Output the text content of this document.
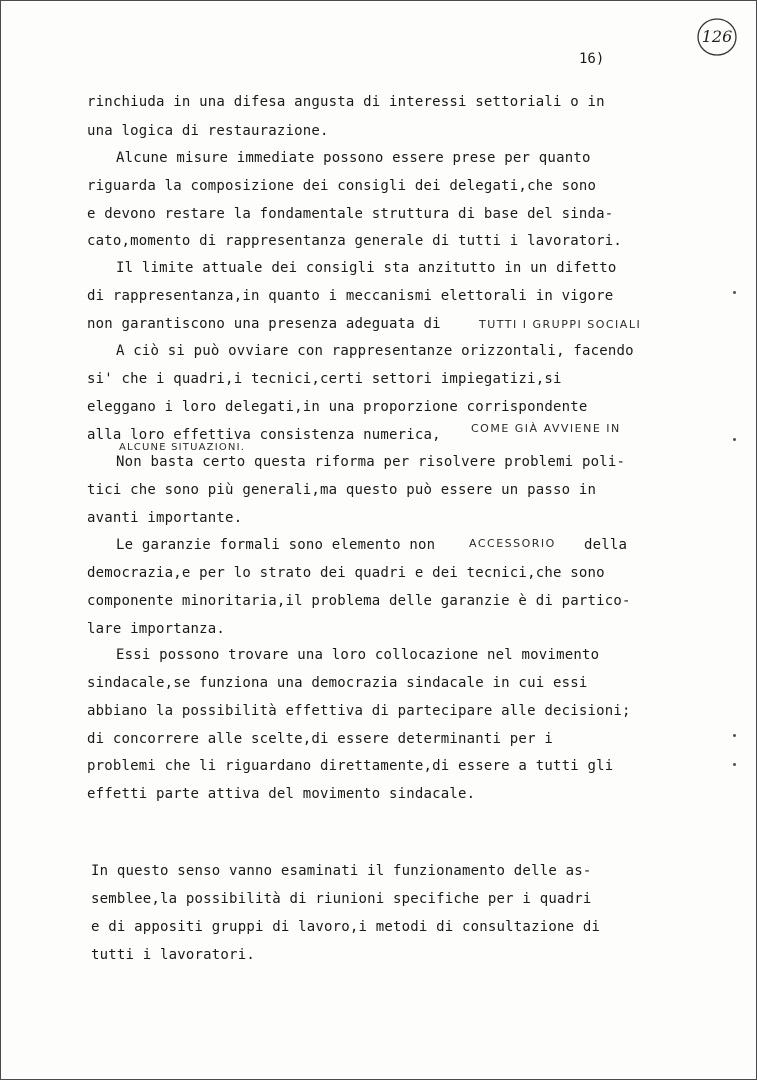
126
16)
rinchiuda in una difesa angusta di interessi settoriali o in
una logica di restaurazione.
Alcune misure immediate possono essere prese per quanto
riguarda la composizione dei consigli dei delegati,che sono
e devono restare la fondamentale struttura di base del sinda-
cato,momento di rappresentanza generale di tutti i lavoratori.
Il limite attuale dei consigli sta anzitutto in un difetto
di rappresentanza,in quanto i meccanismi elettorali in vigore
non garantiscono una presenza adeguata di	TUTTI I GRUPPI SOCIALI
A ciò si può ovviare con rappresentanze orizzontali, facendo
si' che i quadri,i tecnici,certi settori impiegatizi,si
eleggano i loro delegati,in una proporzione corrispondente
alla loro effettiva consistenza numerica,	COME GIÀ AVVIENE IN
ALCUNE SITUAZIONI.
Non basta certo questa riforma per risolvere problemi poli-
tici che sono più generali,ma questo può essere un passo in
avanti importante.
Le garanzie formali sono elemento non	ACCESSORIO della
democrazia,e per lo strato dei quadri e dei tecnici,che sono
componente minoritaria,il problema delle garanzie è di partico-
lare importanza.
Essi possono trovare una loro collocazione nel movimento
sindacale,se funziona una democrazia sindacale in cui essi
abbiano la possibilità effettiva di partecipare alle decisioni;
di concorrere alle scelte,di essere determinanti per i
problemi che li riguardano direttamente,di essere a tutti gli
effetti parte attiva del movimento sindacale.
In questo senso vanno esaminati il funzionamento delle as-
semblee,la possibilità di riunioni specifiche per i quadri
e di appositi gruppi di lavoro,i metodi di consultazione di
tutti i lavoratori.
